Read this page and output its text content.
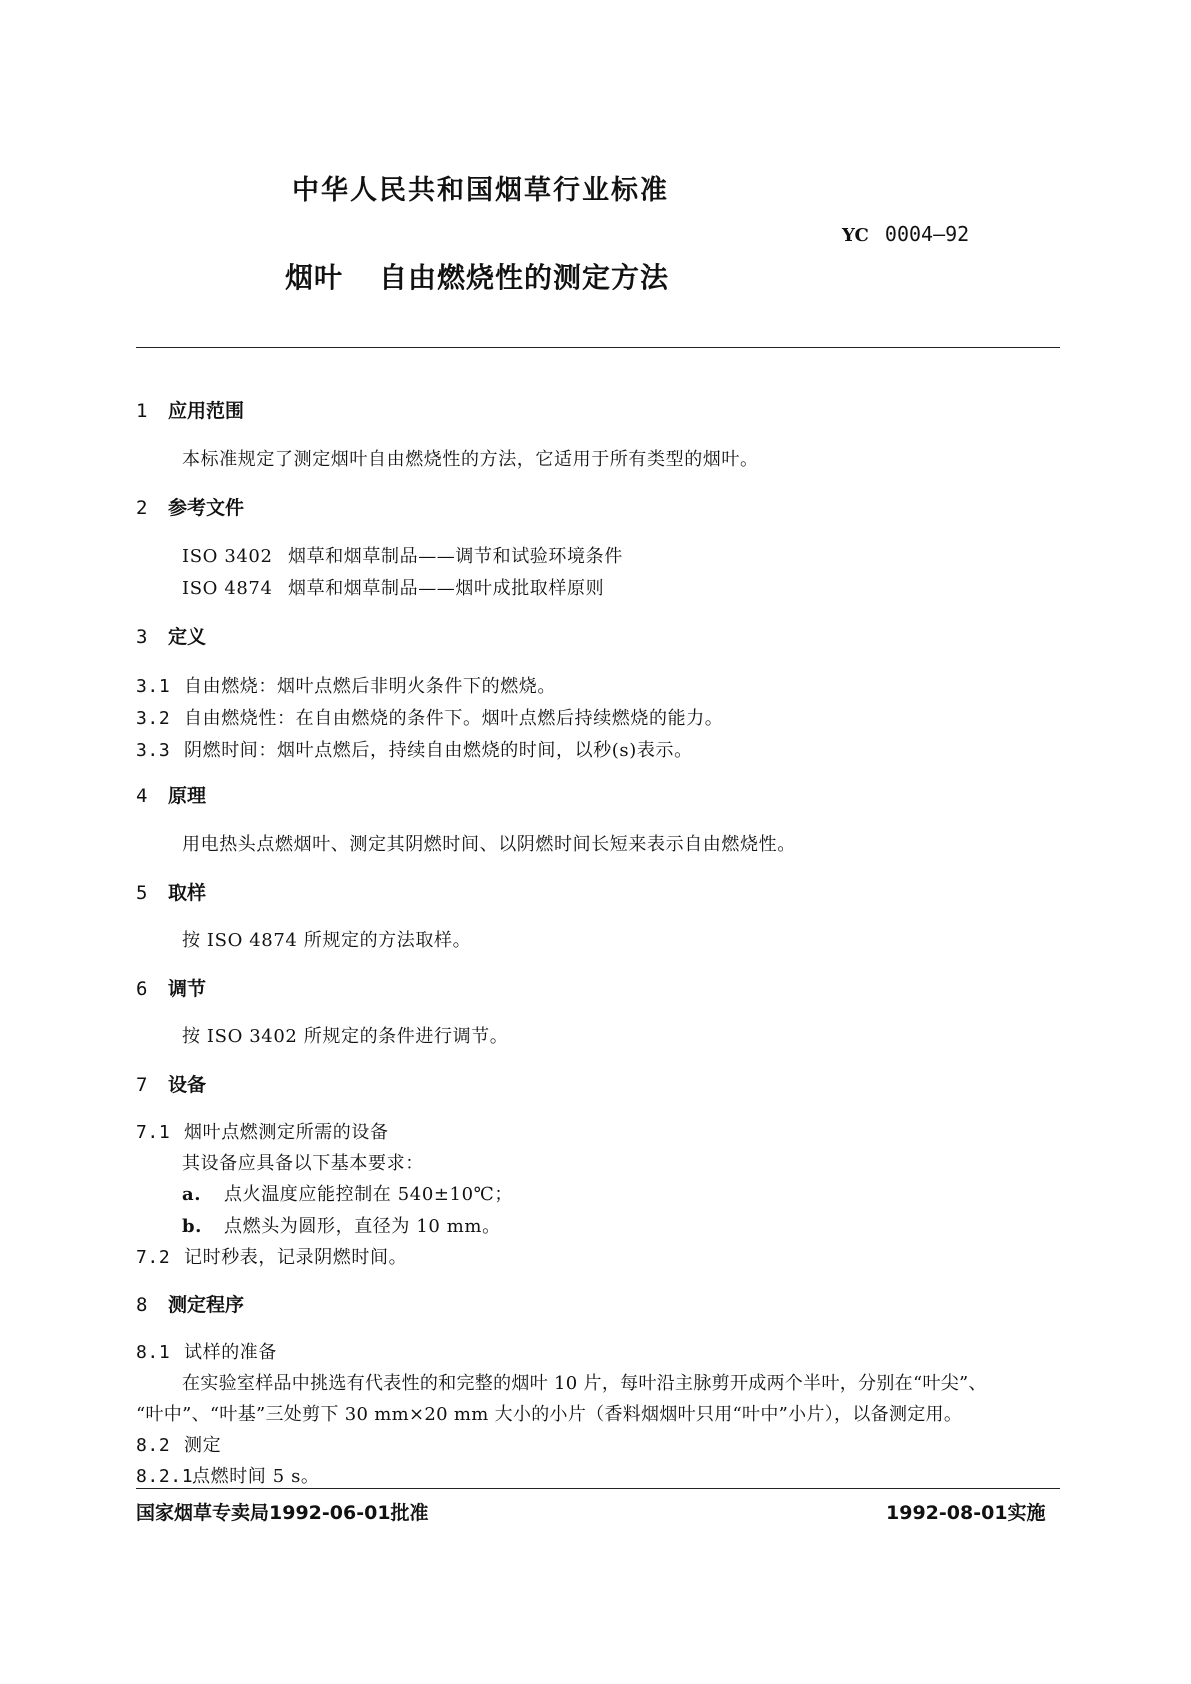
中华人民共和国烟草行业标准
YC 0004—92
烟叶 自由燃烧性的测定方法
1 应用范围
本标准规定了测定烟叶自由燃烧性的方法，它适用于所有类型的烟叶。
2 参考文件
ISO 3402 烟草和烟草制品——调节和试验环境条件
ISO 4874 烟草和烟草制品——烟叶成批取样原则
3 定义
3.1 自由燃烧：烟叶点燃后非明火条件下的燃烧。
3.2 自由燃烧性：在自由燃烧的条件下。烟叶点燃后持续燃烧的能力。
3.3 阴燃时间：烟叶点燃后，持续自由燃烧的时间，以秒(s)表示。
4 原理
用电热头点燃烟叶、测定其阴燃时间、以阴燃时间长短来表示自由燃烧性。
5 取样
按 ISO 4874 所规定的方法取样。
6 调节
按 ISO 3402 所规定的条件进行调节。
7 设备
7.1 烟叶点燃测定所需的设备
其设备应具备以下基本要求：
a. 点火温度应能控制在 540±10℃；
b. 点燃头为圆形，直径为 10 mm。
7.2 记时秒表，记录阴燃时间。
8 测定程序
8.1 试样的准备
在实验室样品中挑选有代表性的和完整的烟叶 10 片，每叶沿主脉剪开成两个半叶，分别在“叶尖”、
“叶中”、“叶基”三处剪下 30 mm×20 mm 大小的小片（香料烟烟叶只用“叶中”小片），以备测定用。
8.2 测定
8.2.1点燃时间 5 s。
国家烟草专卖局1992-06-01批准	1992-08-01实施
